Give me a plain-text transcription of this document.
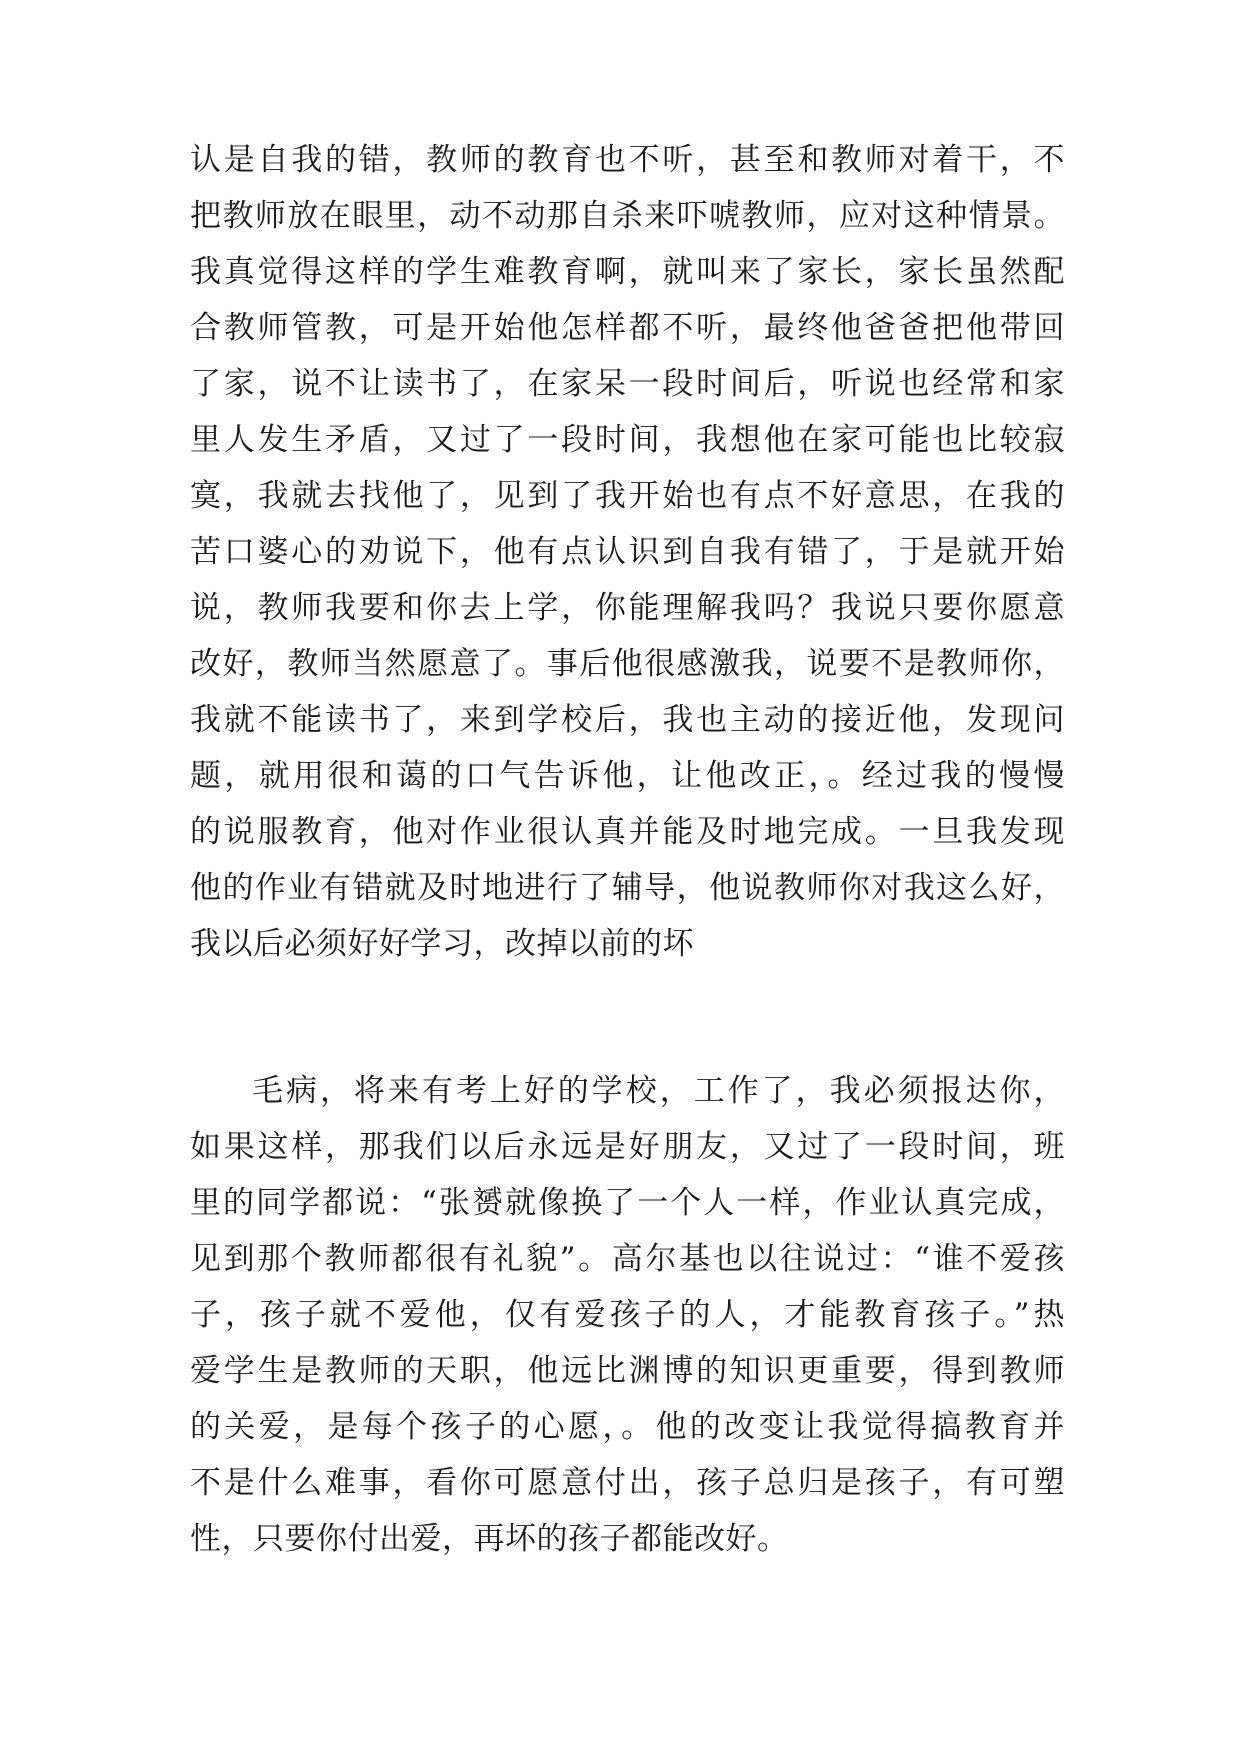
认是自我的错，教师的教育也不听，甚至和教师对着干，不
把教师放在眼里，动不动那自杀来吓唬教师，应对这种情景。
我真觉得这样的学生难教育啊，就叫来了家长，家长虽然配
合教师管教，可是开始他怎样都不听，最终他爸爸把他带回
了家，说不让读书了，在家呆一段时间后，听说也经常和家
里人发生矛盾，又过了一段时间，我想他在家可能也比较寂
寞，我就去找他了，见到了我开始也有点不好意思，在我的
苦口婆心的劝说下，他有点认识到自我有错了，于是就开始
说，教师我要和你去上学，你能理解我吗？我说只要你愿意
改好，教师当然愿意了。事后他很感激我，说要不是教师你，
我就不能读书了，来到学校后，我也主动的接近他，发现问
题，就用很和蔼的口气告诉他，让他改正，。经过我的慢慢
的说服教育，他对作业很认真并能及时地完成。一旦我发现
他的作业有错就及时地进行了辅导，他说教师你对我这么好，
我以后必须好好学习，改掉以前的坏
毛病，将来有考上好的学校，工作了，我必须报达你，
如果这样，那我们以后永远是好朋友，又过了一段时间，班
里的同学都说：“张赟就像换了一个人一样，作业认真完成，
见到那个教师都很有礼貌”。高尔基也以往说过：“谁不爱孩
子，孩子就不爱他，仅有爱孩子的人，才能教育孩子。”热
爱学生是教师的天职，他远比渊博的知识更重要，得到教师
的关爱，是每个孩子的心愿，。他的改变让我觉得搞教育并
不是什么难事，看你可愿意付出，孩子总归是孩子，有可塑
性，只要你付出爱，再坏的孩子都能改好。
